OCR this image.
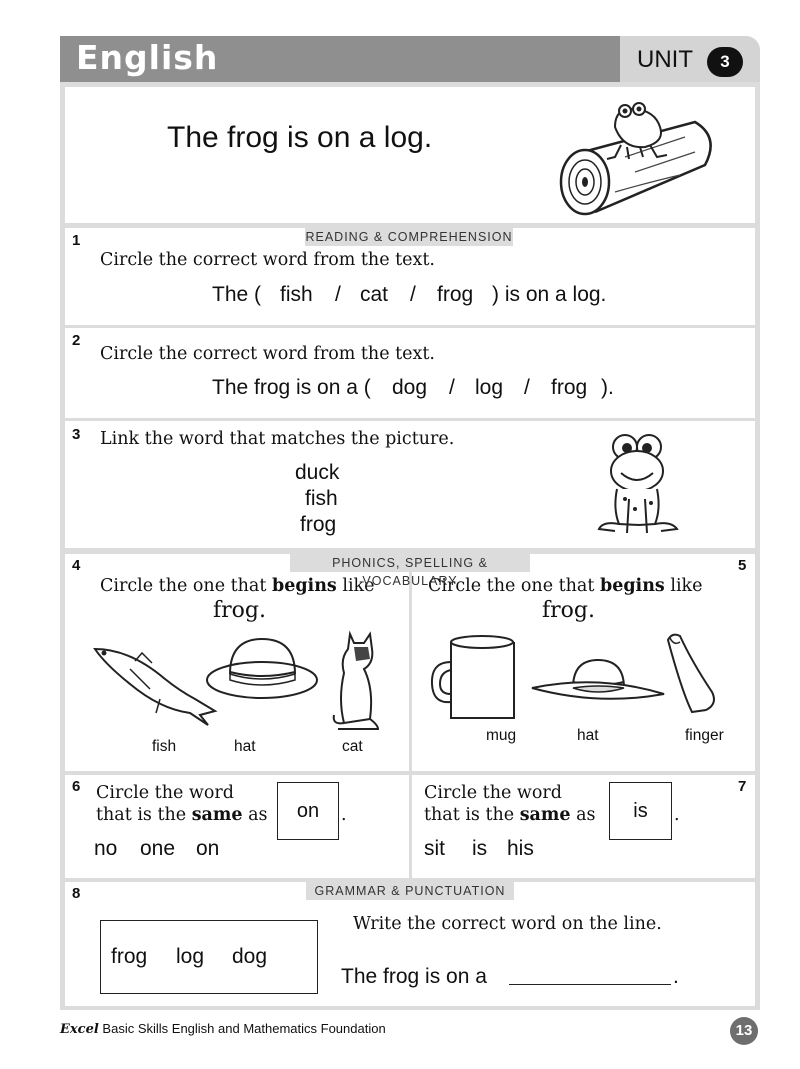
English	UNIT	3
The frog is on a log.
1
Circle the correct word from the text.
The ( fish / cat / frog ) is on a log.
READING & COMPREHENSION
2
Circle the correct word from the text.
The frog is on a ( dog / log / frog ).
3 Link the word that matches the picture.
duck
fish
frog
4
Circle the one that begins like
frog.
fish	hat	cat
5
Circle the one that begins like
frog.
mug	hat	finger
PHONICS, SPELLING & VOCABULARY
6 Circle the word
that is the same as	on	.
no one on
7
Circle the word
that is the same as	is	.
sit is his
8
frog log dog
Write the correct word on the line.
The frog is on a	.
GRAMMAR & PUNCTUATION
Excel Basic Skills English and Mathematics Foundation	13
